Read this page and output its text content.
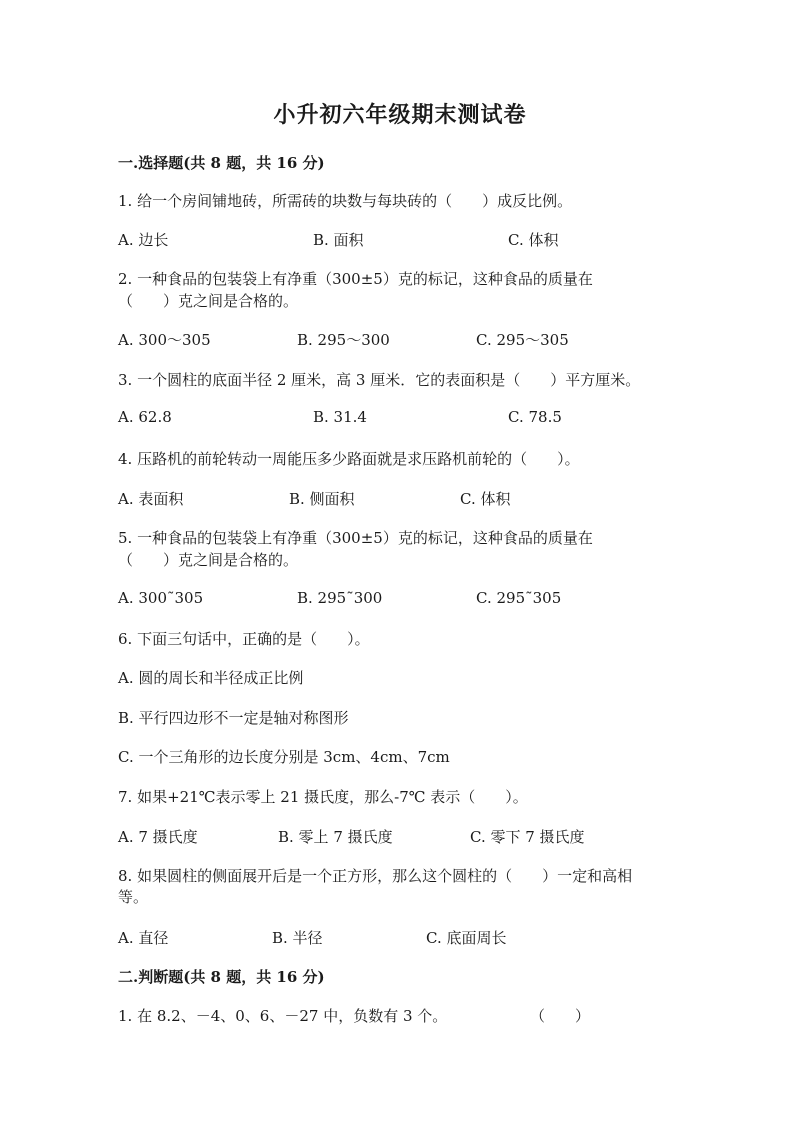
小升初六年级期末测试卷
一.选择题(共 8 题，共 16 分)
1. 给一个房间铺地砖，所需砖的块数与每块砖的（　　）成反比例。
A. 边长	B. 面积	C. 体积
2. 一种食品的包装袋上有净重（300±5）克的标记，这种食品的质量在
（　　）克之间是合格的。
A. 300～305	B. 295～300	C. 295～305
3. 一个圆柱的底面半径 2 厘米，高 3 厘米．它的表面积是（　　）平方厘米。
A. 62.8	B. 31.4	C. 78.5
4. 压路机的前轮转动一周能压多少路面就是求压路机前轮的（　　）。
A. 表面积	B. 侧面积	C. 体积
5. 一种食品的包装袋上有净重（300±5）克的标记，这种食品的质量在
（　　）克之间是合格的。
A. 300˜305	B. 295˜300	C. 295˜305
6. 下面三句话中，正确的是（　　）。
A. 圆的周长和半径成正比例
B. 平行四边形不一定是轴对称图形
C. 一个三角形的边长度分别是 3cm、4cm、7cm
7. 如果+21℃表示零上 21 摄氏度，那么-7℃ 表示（　　）。
A. 7 摄氏度	B. 零上 7 摄氏度	C. 零下 7 摄氏度
8. 如果圆柱的侧面展开后是一个正方形，那么这个圆柱的（　　）一定和高相
等。
A. 直径	B. 半径	C. 底面周长
二.判断题(共 8 题，共 16 分)
1. 在 8.2、－4、0、6、－27 中，负数有 3 个。	（　　）
